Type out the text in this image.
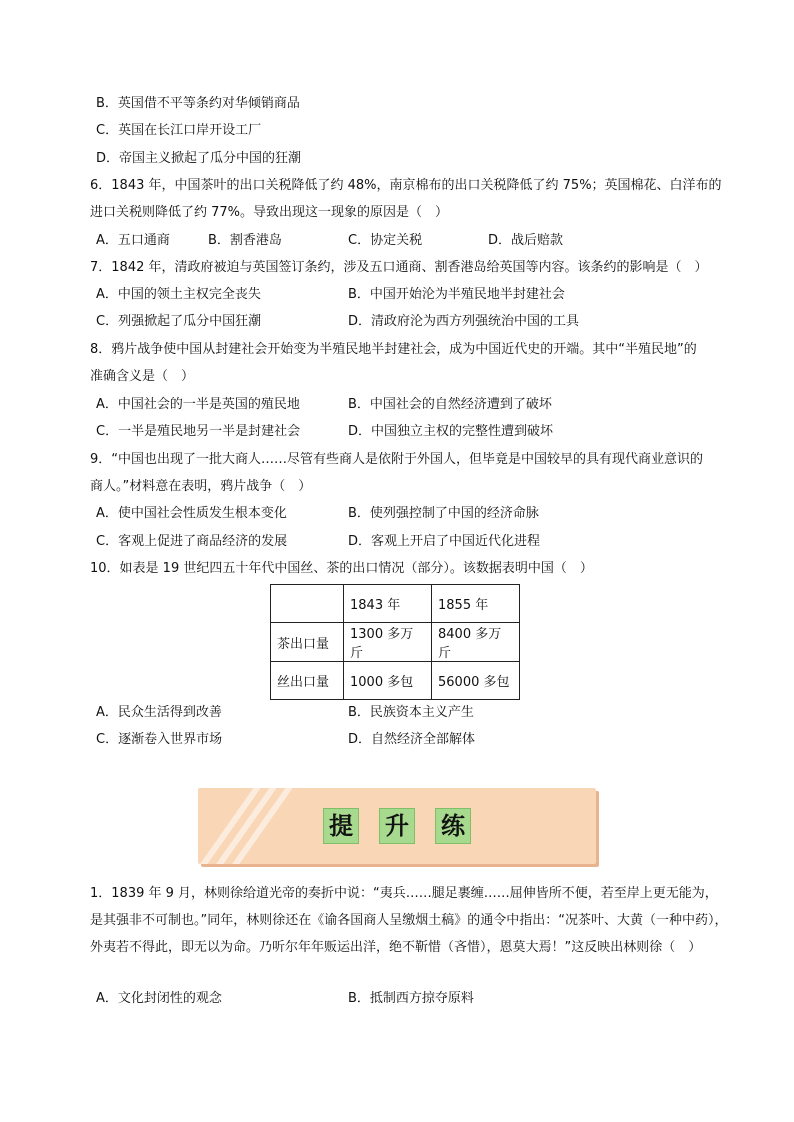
B．英国借不平等条约对华倾销商品
C．英国在长江口岸开设工厂
D．帝国主义掀起了瓜分中国的狂潮
6．1843 年，中国茶叶的出口关税降低了约 48%，南京棉布的出口关税降低了约 75%；英国棉花、白洋布的
进口关税则降低了约 77%。导致出现这一现象的原因是（　）
A．五口通商	B．割香港岛	C．协定关税	D．战后赔款
7．1842 年，清政府被迫与英国签订条约，涉及五口通商、割香港岛给英国等内容。该条约的影响是（　）
A．中国的领土主权完全丧失	B．中国开始沦为半殖民地半封建社会
C．列强掀起了瓜分中国狂潮	D．清政府沦为西方列强统治中国的工具
8．鸦片战争使中国从封建社会开始变为半殖民地半封建社会，成为中国近代史的开端。其中“半殖民地”的
准确含义是（　）
A．中国社会的一半是英国的殖民地	B．中国社会的自然经济遭到了破坏
C．一半是殖民地另一半是封建社会	D．中国独立主权的完整性遭到破坏
9．“中国也出现了一批大商人……尽管有些商人是依附于外国人，但毕竟是中国较早的具有现代商业意识的
商人。”材料意在表明，鸦片战争（　）
A．使中国社会性质发生根本变化	B．使列强控制了中国的经济命脉
C．客观上促进了商品经济的发展	D．客观上开启了中国近代化进程
10．如表是 19 世纪四五十年代中国丝、茶的出口情况（部分）。该数据表明中国（　）
	1843 年	1855 年
茶出口量	1300 多万斤	8400 多万斤
丝出口量	1000 多包	56000 多包
A．民众生活得到改善	B．民族资本主义产生
C．逐渐卷入世界市场	D．自然经济全部解体
提 升 练
1．1839 年 9 月，林则徐给道光帝的奏折中说：“夷兵……腿足裹缠……屈伸皆所不便，若至岸上更无能为，是其强非不可制也。”同年，林则徐还在《谕各国商人呈缴烟土稿》的通令中指出：“况茶叶、大黄（一种中药），外夷若不得此，即无以为命。乃听尔年年贩运出洋，绝不靳惜（吝惜），恩莫大焉！”这反映出林则徐（　）
A．文化封闭性的观念	B．抵制西方掠夺原料
